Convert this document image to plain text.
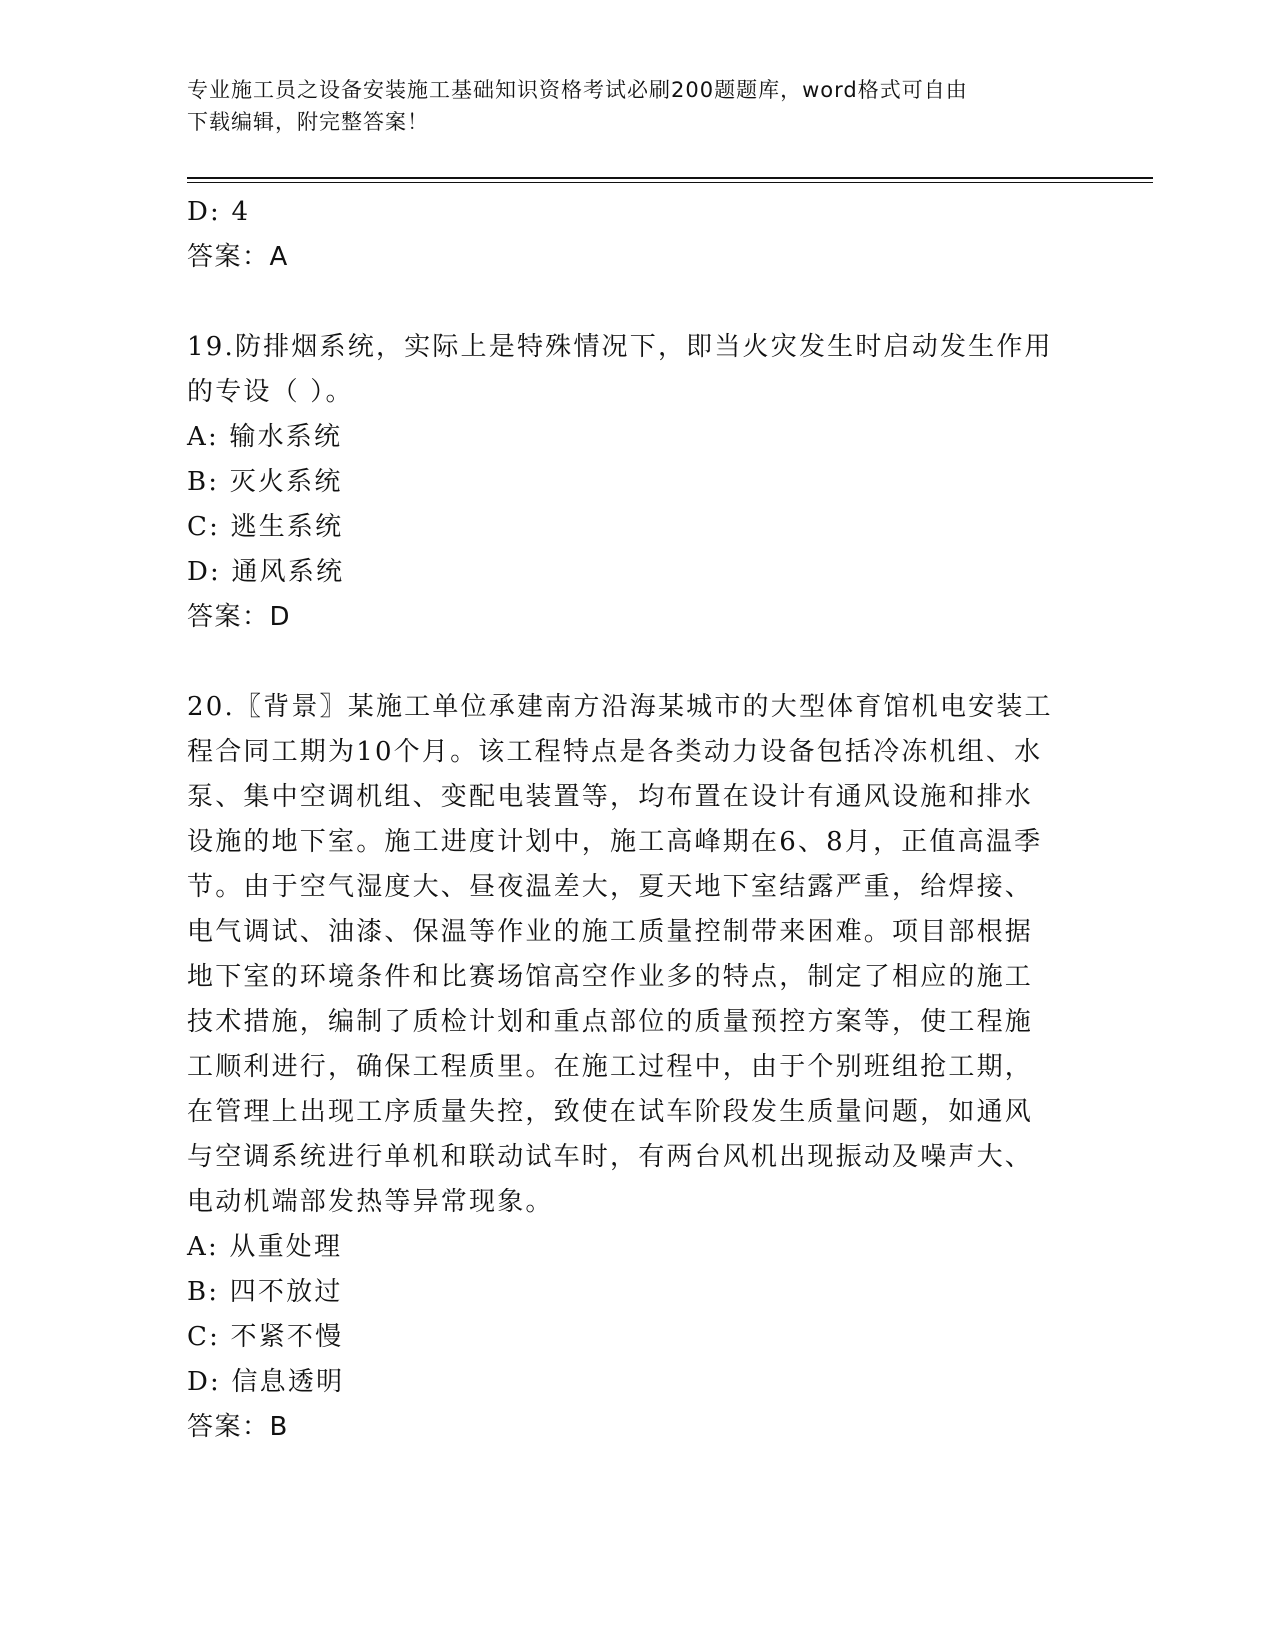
专业施工员之设备安装施工基础知识资格考试必刷200题题库，word格式可自由
下载编辑，附完整答案！

D: 4

答案：A

19.防排烟系统，实际上是特殊情况下，即当火灾发生时启动发生作用

的专设（ ）。

A: 输水系统

B: 灭火系统

C: 逃生系统

D: 通风系统

答案：D

20.〖背景〗某施工单位承建南方沿海某城市的大型体育馆机电安装工

程合同工期为10个月。该工程特点是各类动力设备包括冷冻机组、水

泵、集中空调机组、变配电装置等，均布置在设计有通风设施和排水

设施的地下室。施工进度计划中，施工高峰期在6、8月，正值高温季

节。由于空气湿度大、昼夜温差大，夏天地下室结露严重，给焊接、

电气调试、油漆、保温等作业的施工质量控制带来困难。项目部根据

地下室的环境条件和比赛场馆高空作业多的特点，制定了相应的施工

技术措施，编制了质检计划和重点部位的质量预控方案等，使工程施

工顺利进行，确保工程质里。在施工过程中，由于个别班组抢工期，

在管理上出现工序质量失控，致使在试车阶段发生质量问题，如通风

与空调系统进行单机和联动试车时，有两台风机出现振动及噪声大、

电动机端部发热等异常现象。

A: 从重处理

B: 四不放过

C: 不紧不慢

D: 信息透明

答案：B
